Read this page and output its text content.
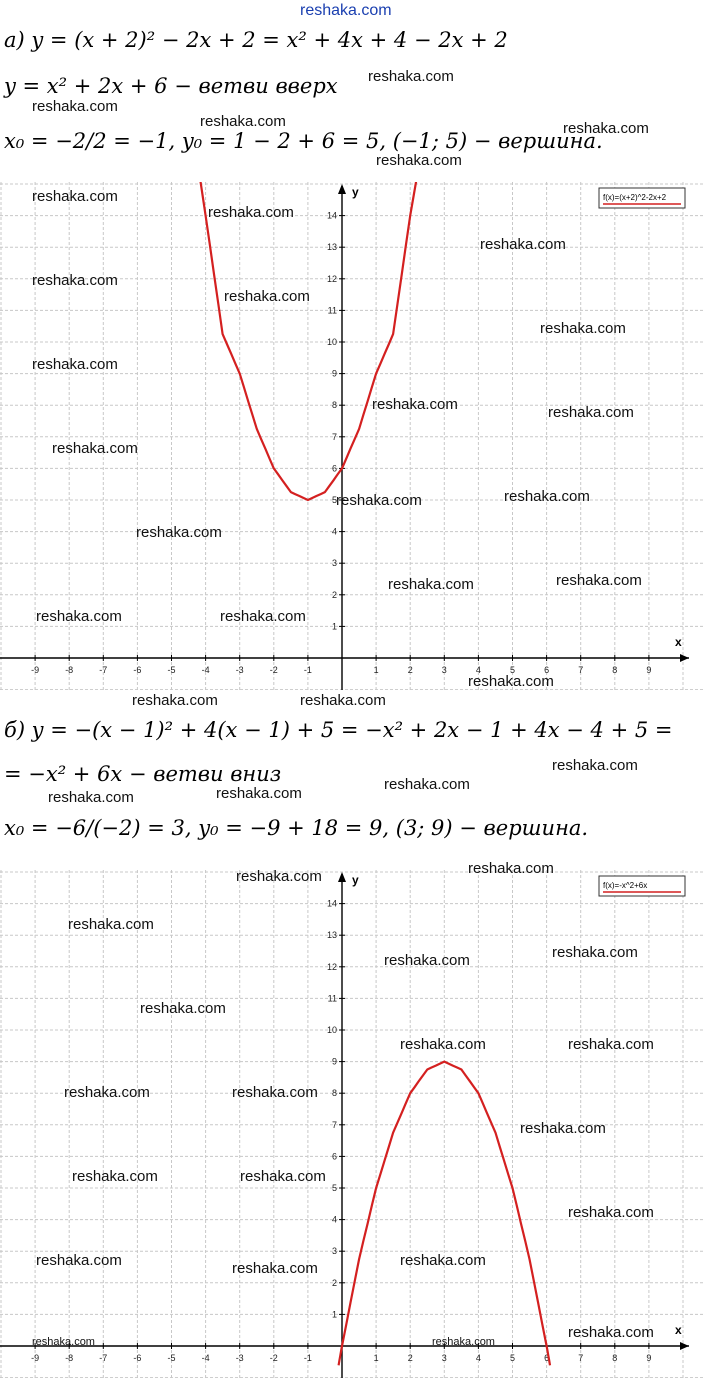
reshaka.com
а) y = (x + 2)² − 2x + 2 = x² + 4x + 4 − 2x + 2
y = x² + 2x + 6 − ветви вверх
x₀ = −2/2 = −1, y₀ = 1 − 2 + 6 = 5, (−1; 5) − вершина.
x
y
-9	-8	-7	-6	-5	-4	-3	-2	-1	1	2	3	4	5	6	7	8	9
1
2
3
4
5
6
7
8
9
10
11
12
13
14
f(x)=(x+2)^2-2x+2
б) y = −(x − 1)² + 4(x − 1) + 5 = −x² + 2x − 1 + 4x − 4 + 5 =
= −x² + 6x − ветви вниз
x₀ = −6/(−2) = 3, y₀ = −9 + 18 = 9, (3; 9) − вершина.
x
y
-9	-8	-7	-6	-5	-4	-3	-2	-1	1	2	3	4	5	6	7	8	9
1
2
3
4
5
6
7
8
9
10
11
12
13
14
f(x)=-x^2+6x
reshaka.com
reshaka.com
reshaka.com
reshaka.com
reshaka.com
reshaka.com
reshaka.com
reshaka.com
reshaka.com
reshaka.com
reshaka.com
reshaka.com
reshaka.com	reshaka.com
reshaka.com
reshaka.com	reshaka.com
reshaka.com
reshaka.com	reshaka.com
reshaka.com	reshaka.com
reshaka.com
reshaka.com	reshaka.com
reshaka.com
reshaka.com
reshaka.com	reshaka.com
reshaka.com
reshaka.com
reshaka.com
reshaka.com
reshaka.com
reshaka.com
reshaka.com	reshaka.com
reshaka.com	reshaka.com
reshaka.com
reshaka.com	reshaka.com
reshaka.com
reshaka.com	reshaka.com
reshaka.com
reshaka.com
reshaka.com	reshaka.com
